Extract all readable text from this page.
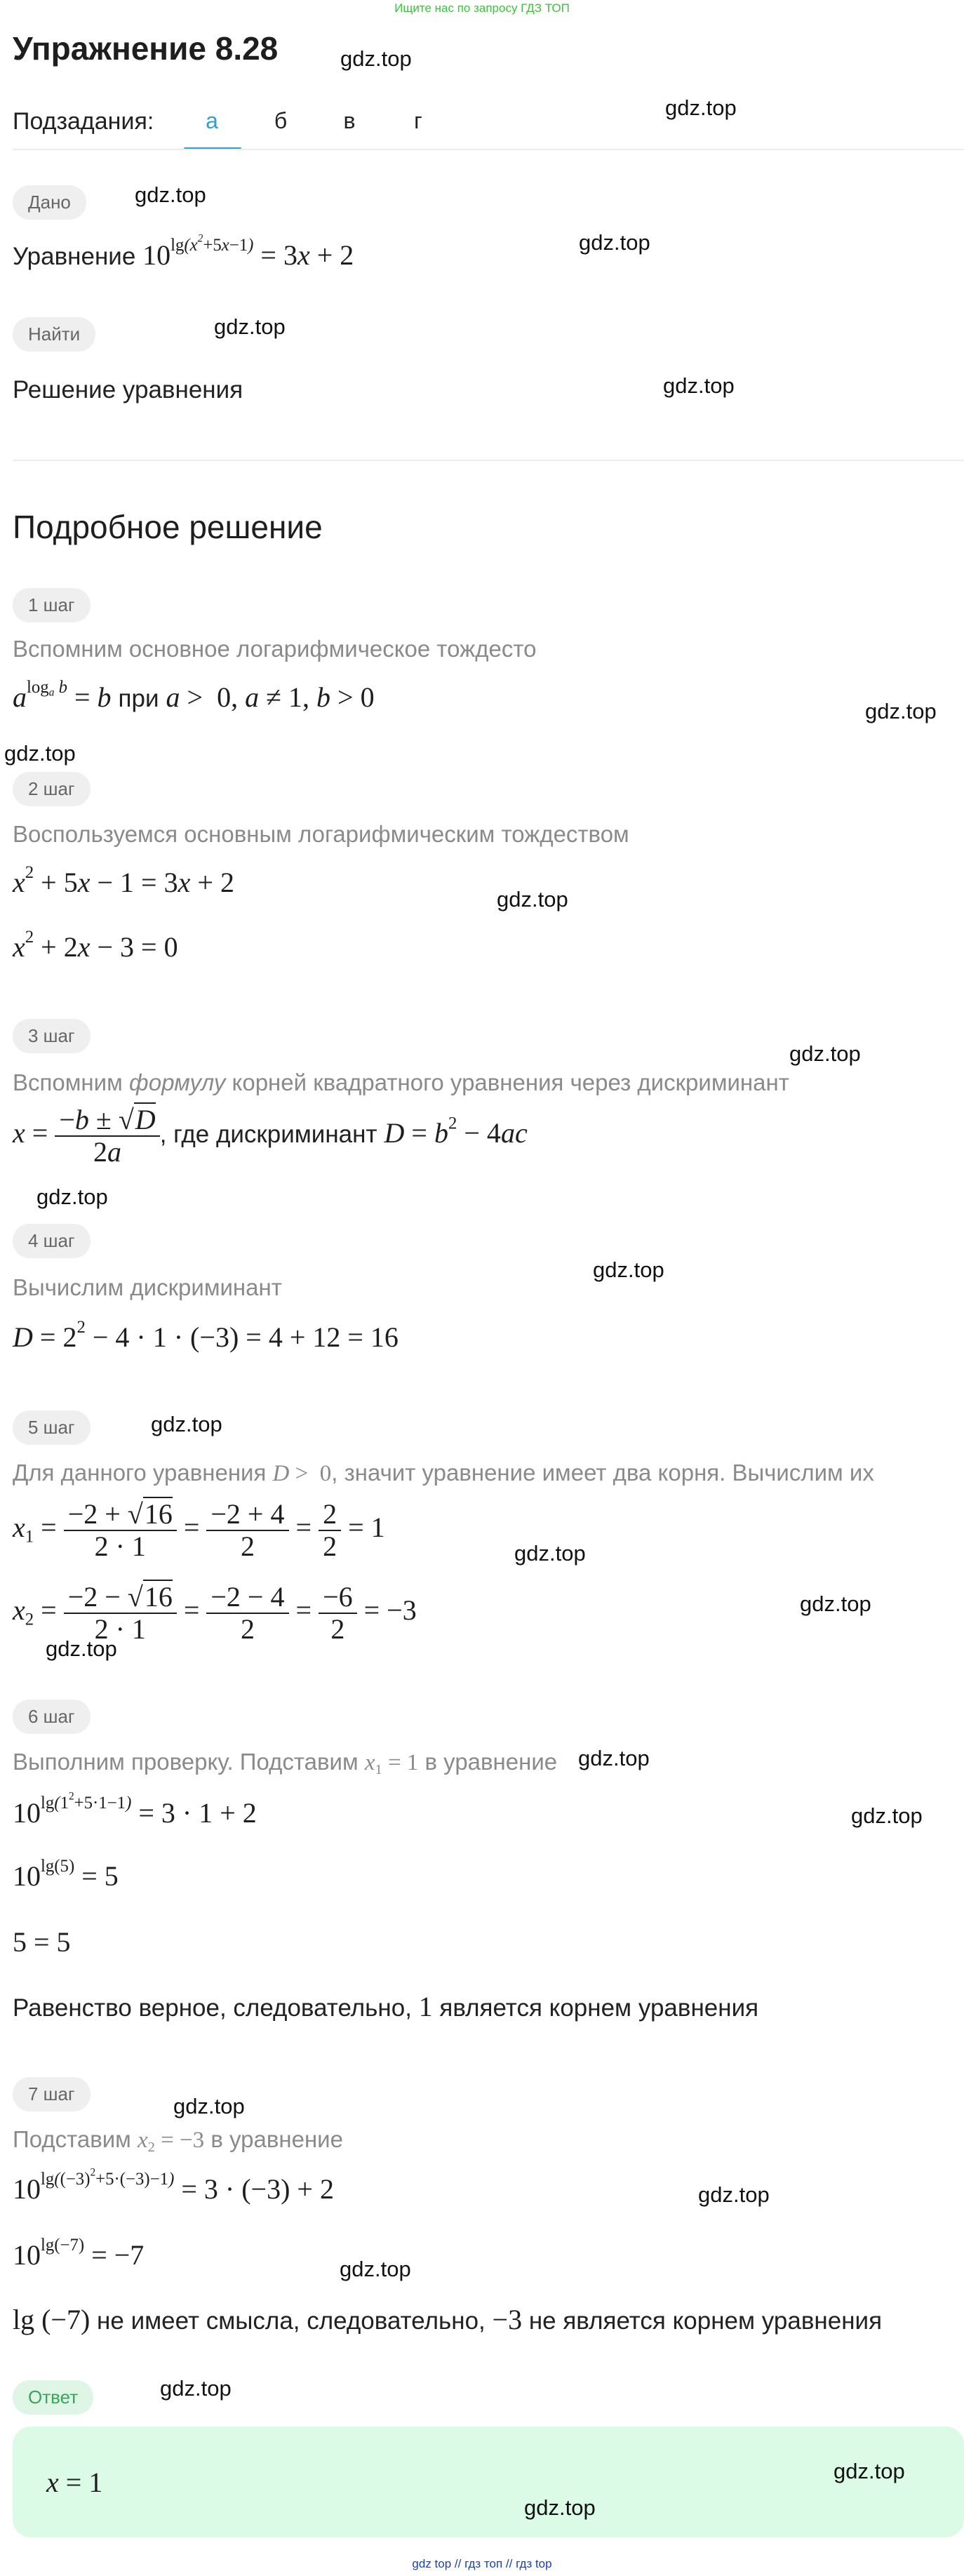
Ищите нас по запросу ГДЗ ТОП
Упражнение 8.28	gdz.top
gdz.top
Подзадания:	а	б	в	г
Дано	gdz.top
Уравнение $10^{lg(x^2+5x-1)} = 3x + 2$	gdz.top
Найти	gdz.top
Решение уравнения	gdz.top
Подробное решение
1 шаг
Вспомним основное логарифмическое тождесто
$a^{log_a b} = b$ при a >  0, a ≠ 1, b > 0	gdz.top
gdz.top
2 шаг
Воспользуемся основным логарифмическим тождеством
$x^2 + 5x - 1 = 3x + 2$
gdz.top
$x^2 + 2x - 3 = 0$
3 шаг
gdz.top
Вспомним формулу корней квадратного уравнения через дискриминант
$x = \frac{-b \pm √D}{2a}$ , где дискриминант $D = b^2 - 4ac$
gdz.top
4 шаг
gdz.top
Вычислим дискриминант
$D = 2^2 - 4 \cdot 1 \cdot (-3) = 4 + 12 = 16$
5 шаг	gdz.top
Для данного уравнения D >  0, значит уравнение имеет два корня. Вычислим их
$x_1 = \frac{-2 + √16}{2 \cdot 1} = \frac{-2 + 4}{2} = \frac{2}{2} = 1$
gdz.top
$x_2 = \frac{-2 - √16}{2 \cdot 1} = \frac{-2 - 4}{2} = \frac{-6}{2} = -3$	gdz.top
gdz.top
6 шаг
Выполним проверку. Подставим $x_1 = 1$ в уравнение gdz.top
$10^{lg(1^2+5\cdot 1-1)} = 3 \cdot 1 + 2$	gdz.top
$10^{lg(5)} = 5$
5 = 5
Равенство верное, следовательно, 1 является корнем уравнения
7 шаг	gdz.top
Подставим $x_2 = -3$ в уравнение
$10^{lg((-3)^2+5\cdot(-3)-1)} = 3 \cdot (-3) + 2$	gdz.top
$10^{lg(-7)} = -7$	gdz.top
lg (−7) не имеет смысла, следовательно, −3 не является корнем уравнения
Ответ	gdz.top
x = 1	gdz.top
gdz.top
gdz top // гдз топ // гдз top
